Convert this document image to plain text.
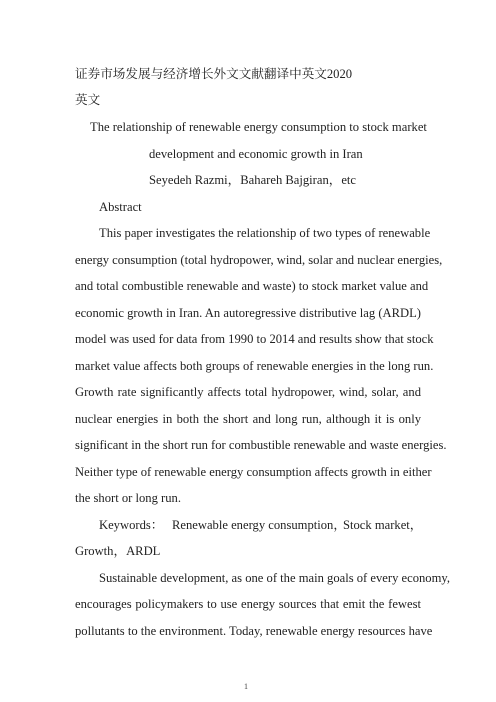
证券市场发展与经济增长外文文献翻译中英文2020
英文
The relationship of renewable energy consumption to stock market
development and economic growth in Iran
Seyedeh Razmi，Bahareh Bajgiran，etc
Abstract
This paper investigates the relationship of two types of renewable
energy consumption (total hydropower, wind, solar and nuclear energies,
and total combustible renewable and waste) to stock market value and
economic growth in Iran. An autoregressive distributive lag (ARDL)
model was used for data from 1990 to 2014 and results show that stock
market value affects both groups of renewable energies in the long run.
Growth rate significantly affects total hydropower, wind, solar, and
nuclear energies in both the short and long run, although it is only
significant in the short run for combustible renewable and waste energies.
Neither type of renewable energy consumption affects growth in either
the short or long run.
Keywords： Renewable energy consumption，
Stock market，
Growth，ARDL
Sustainable development, as one of the main goals of every economy,
encourages policymakers to use energy sources that emit the fewest
pollutants to the environment. Today, renewable energy resources have
1
